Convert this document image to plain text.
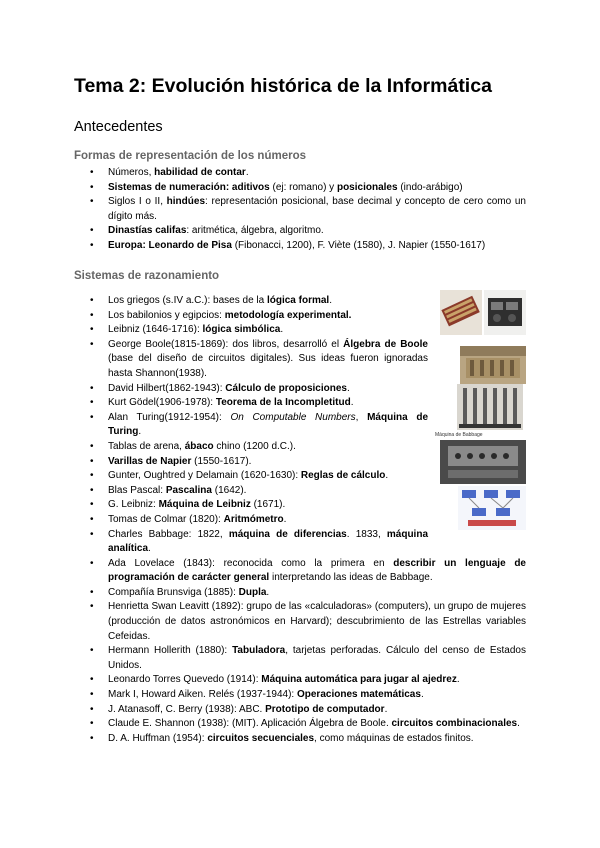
Tema 2: Evolución histórica de la Informática
Antecedentes
Formas de representación de los números
• Números, habilidad de contar.
• Sistemas de numeración: aditivos (ej: romano) y posicionales (indo-arábigo)
• Siglos I o II, hindúes: representación posicional, base decimal y concepto de cero como un dígito más.
• Dinastías califas: aritmética, álgebra, algoritmo.
• Europa: Leonardo de Pisa (Fibonacci, 1200), F. Viète (1580), J. Napier (1550-1617)
Sistemas de razonamiento
• Los griegos (s.IV a.C.): bases de la lógica formal.
• Los babilonios y egipcios: metodología experimental.
• Leibniz (1646-1716): lógica simbólica.
• George Boole(1815-1869): dos libros, desarrolló el Álgebra de Boole (base del diseño de circuitos digitales). Sus ideas fueron ignoradas hasta Shannon(1938).
• David Hilbert(1862-1943): Cálculo de proposiciones.
• Kurt Gödel(1906-1978): Teorema de la Incompletitud.
• Alan Turing(1912-1954): On Computable Numbers, Máquina de Turing.
• Tablas de arena, ábaco chino (1200 d.C.).
• Varillas de Napier (1550-1617).
• Gunter, Oughtred y Delamain (1620-1630): Reglas de cálculo.
• Blas Pascal: Pascalina (1642).
• G. Leibniz: Máquina de Leibniz (1671).
• Tomas de Colmar (1820): Aritmómetro.
• Charles Babbage: 1822, máquina de diferencias. 1833, máquina analítica.
• Ada Lovelace (1843): reconocida como la primera en describir un lenguaje de programación de carácter general interpretando las ideas de Babbage.
• Compañía Brunsviga (1885): Dupla.
• Henrietta Swan Leavitt (1892): grupo de las «calculadoras» (computers), un grupo de mujeres (producción de datos astronómicos en Harvard); descubrimiento de las Estrellas variables Cefeidas.
• Hermann Hollerith (1880): Tabuladora, tarjetas perforadas. Cálculo del censo de Estados Unidos.
• Leonardo Torres Quevedo (1914): Máquina automática para jugar al ajedrez.
• Mark I, Howard Aiken. Relés (1937-1944): Operaciones matemáticas.
• J. Atanasoff, C. Berry (1938): ABC. Prototipo de computador.
• Claude E. Shannon (1938): (MIT). Aplicación Álgebra de Boole. circuitos combinacionales.
• D. A. Huffman (1954): circuitos secuenciales, como máquinas de estados finitos.
Máquina de Babbage
